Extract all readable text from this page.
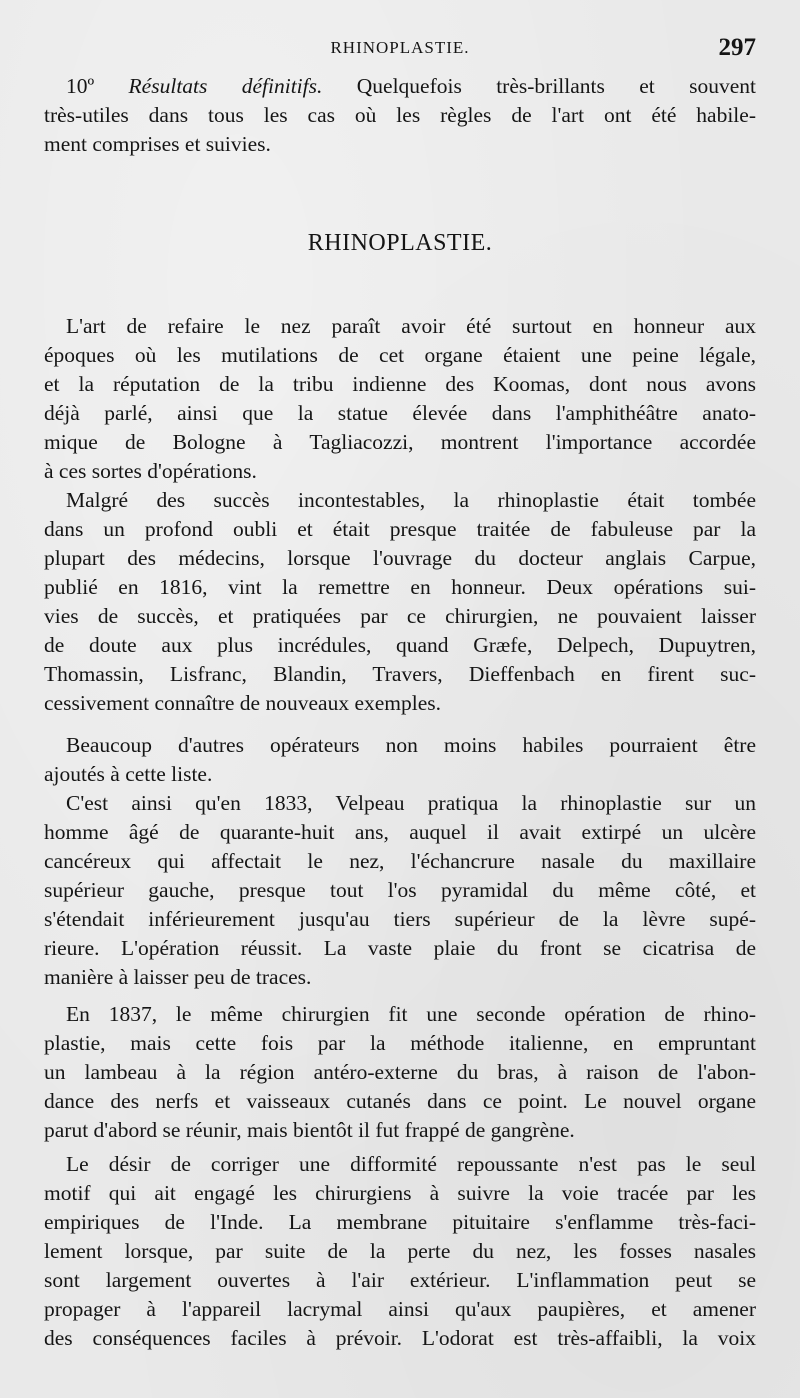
RHINOPLASTIE.	297
10º Résultats définitifs. Quelquefois très-brillants et souvent
très-utiles dans tous les cas où les règles de l'art ont été habile-
ment comprises et suivies.
RHINOPLASTIE.
L'art de refaire le nez paraît avoir été surtout en honneur aux
époques où les mutilations de cet organe étaient une peine légale,
et la réputation de la tribu indienne des Koomas, dont nous avons
déjà parlé, ainsi que la statue élevée dans l'amphithéâtre anato-
mique de Bologne à Tagliacozzi, montrent l'importance accordée
à ces sortes d'opérations.
Malgré des succès incontestables, la rhinoplastie était tombée
dans un profond oubli et était presque traitée de fabuleuse par la
plupart des médecins, lorsque l'ouvrage du docteur anglais Carpue,
publié en 1816, vint la remettre en honneur. Deux opérations sui-
vies de succès, et pratiquées par ce chirurgien, ne pouvaient laisser
de doute aux plus incrédules, quand Græfe, Delpech, Dupuytren,
Thomassin, Lisfranc, Blandin, Travers, Dieffenbach en firent suc-
cessivement connaître de nouveaux exemples.
Beaucoup d'autres opérateurs non moins habiles pourraient être
ajoutés à cette liste.
C'est ainsi qu'en 1833, Velpeau pratiqua la rhinoplastie sur un
homme âgé de quarante-huit ans, auquel il avait extirpé un ulcère
cancéreux qui affectait le nez, l'échancrure nasale du maxillaire
supérieur gauche, presque tout l'os pyramidal du même côté, et
s'étendait inférieurement jusqu'au tiers supérieur de la lèvre supé-
rieure. L'opération réussit. La vaste plaie du front se cicatrisa de
manière à laisser peu de traces.
En 1837, le même chirurgien fit une seconde opération de rhino-
plastie, mais cette fois par la méthode italienne, en empruntant
un lambeau à la région antéro-externe du bras, à raison de l'abon-
dance des nerfs et vaisseaux cutanés dans ce point. Le nouvel organe
parut d'abord se réunir, mais bientôt il fut frappé de gangrène.
Le désir de corriger une difformité repoussante n'est pas le seul
motif qui ait engagé les chirurgiens à suivre la voie tracée par les
empiriques de l'Inde. La membrane pituitaire s'enflamme très-faci-
lement lorsque, par suite de la perte du nez, les fosses nasales
sont largement ouvertes à l'air extérieur. L'inflammation peut se
propager à l'appareil lacrymal ainsi qu'aux paupières, et amener
des conséquences faciles à prévoir. L'odorat est très-affaibli, la voix
